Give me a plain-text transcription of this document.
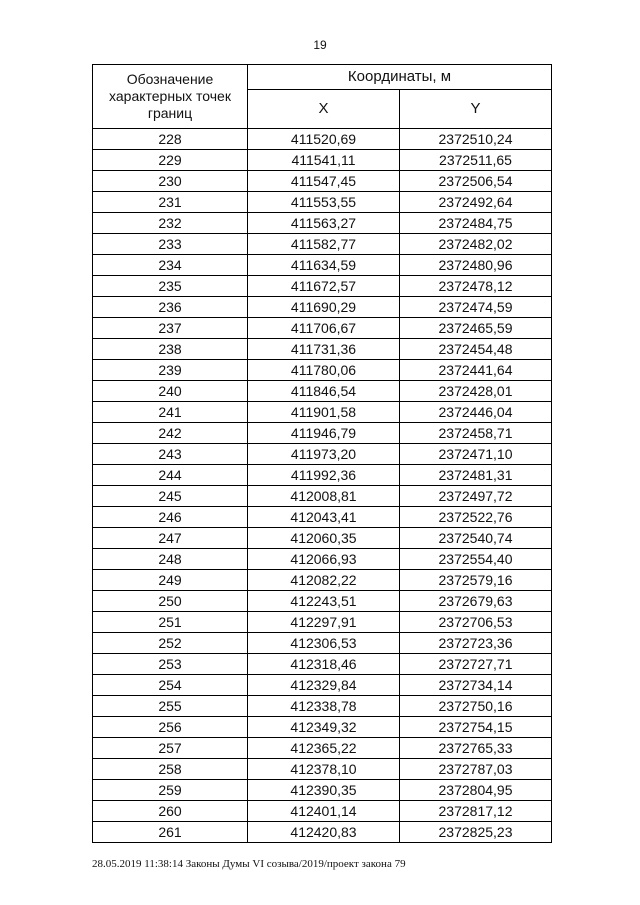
19
Обозначение характерных точек границ	Координаты, м	
	X	Y
228	411520,69	2372510,24
229	411541,11	2372511,65
230	411547,45	2372506,54
231	411553,55	2372492,64
232	411563,27	2372484,75
233	411582,77	2372482,02
234	411634,59	2372480,96
235	411672,57	2372478,12
236	411690,29	2372474,59
237	411706,67	2372465,59
238	411731,36	2372454,48
239	411780,06	2372441,64
240	411846,54	2372428,01
241	411901,58	2372446,04
242	411946,79	2372458,71
243	411973,20	2372471,10
244	411992,36	2372481,31
245	412008,81	2372497,72
246	412043,41	2372522,76
247	412060,35	2372540,74
248	412066,93	2372554,40
249	412082,22	2372579,16
250	412243,51	2372679,63
251	412297,91	2372706,53
252	412306,53	2372723,36
253	412318,46	2372727,71
254	412329,84	2372734,14
255	412338,78	2372750,16
256	412349,32	2372754,15
257	412365,22	2372765,33
258	412378,10	2372787,03
259	412390,35	2372804,95
260	412401,14	2372817,12
261	412420,83	2372825,23
28.05.2019 11:38:14 Законы Думы VI созыва/2019/проект закона 79
